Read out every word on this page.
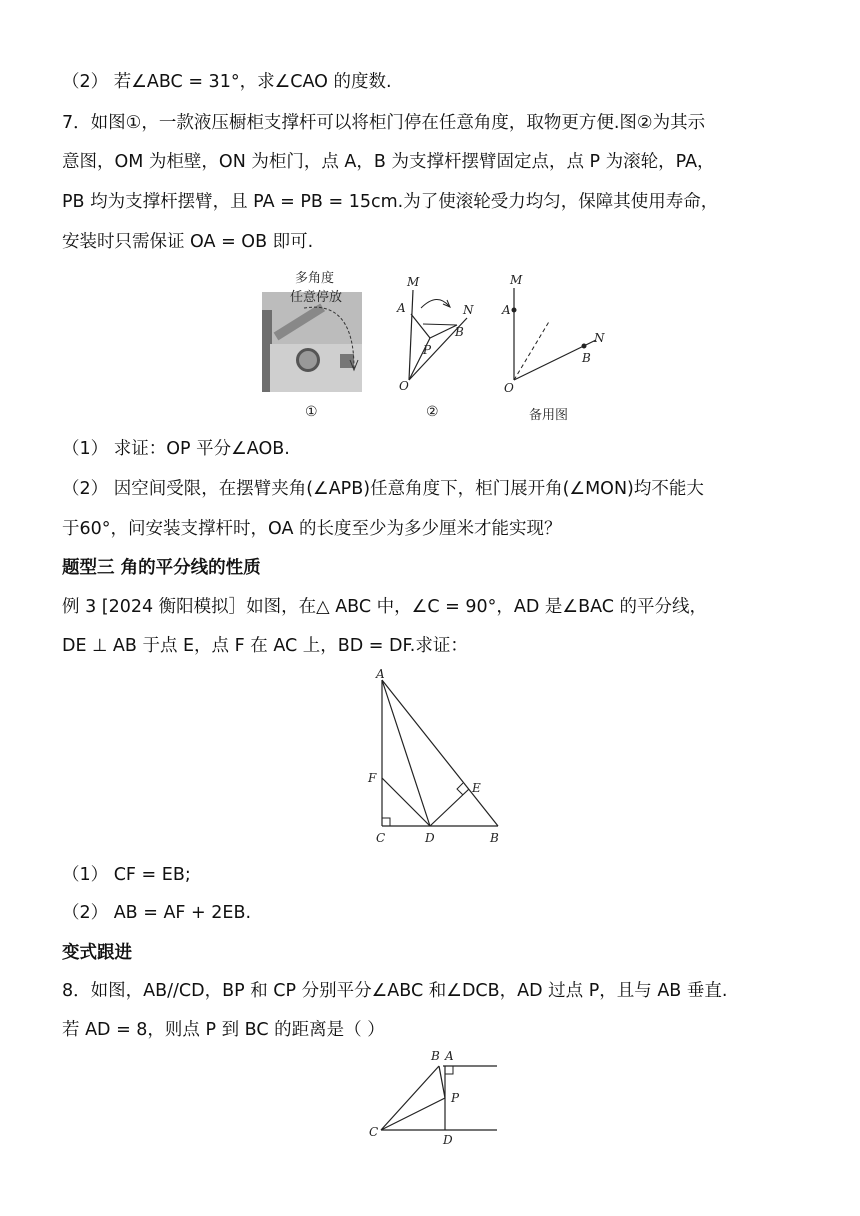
（2） 若∠ABC = 31°，求∠CAO 的度数.
7．如图①，一款液压橱柜支撑杆可以将柜门停在任意角度，取物更方便.图②为其示
意图，OM 为柜壁，ON 为柜门，点 A，B 为支撑杆摆臂固定点，点 P 为滚轮，PA，
PB 均为支撑杆摆臂，且 PA = PB = 15cm.为了使滚轮受力均匀，保障其使用寿命，
安装时只需保证 OA = OB 即可.
多角度
任意停放
M
A	N
B
P
O
M
A
N
B
O
①	②	备用图
（1） 求证：OP 平分∠AOB.
（2） 因空间受限，在摆臂夹角(∠APB)任意角度下，柜门展开角(∠MON)均不能大
于60°，问安装支撑杆时，OA 的长度至少为多少厘米才能实现？
题型三 角的平分线的性质
例 3 [2024 衡阳模拟］如图，在△ ABC 中，∠C = 90°，AD 是∠BAC 的平分线，
DE ⊥ AB 于点 E，点 F 在 AC 上，BD = DF.求证：
A
F
E
C	D	B
（1） CF = EB;
（2） AB = AF + 2EB.
变式跟进
8．如图，AB//CD，BP 和 CP 分别平分∠ABC 和∠DCB，AD 过点 P，且与 AB 垂直.
若 AD = 8，则点 P 到 BC 的距离是（ ）
B A
P
C
D
